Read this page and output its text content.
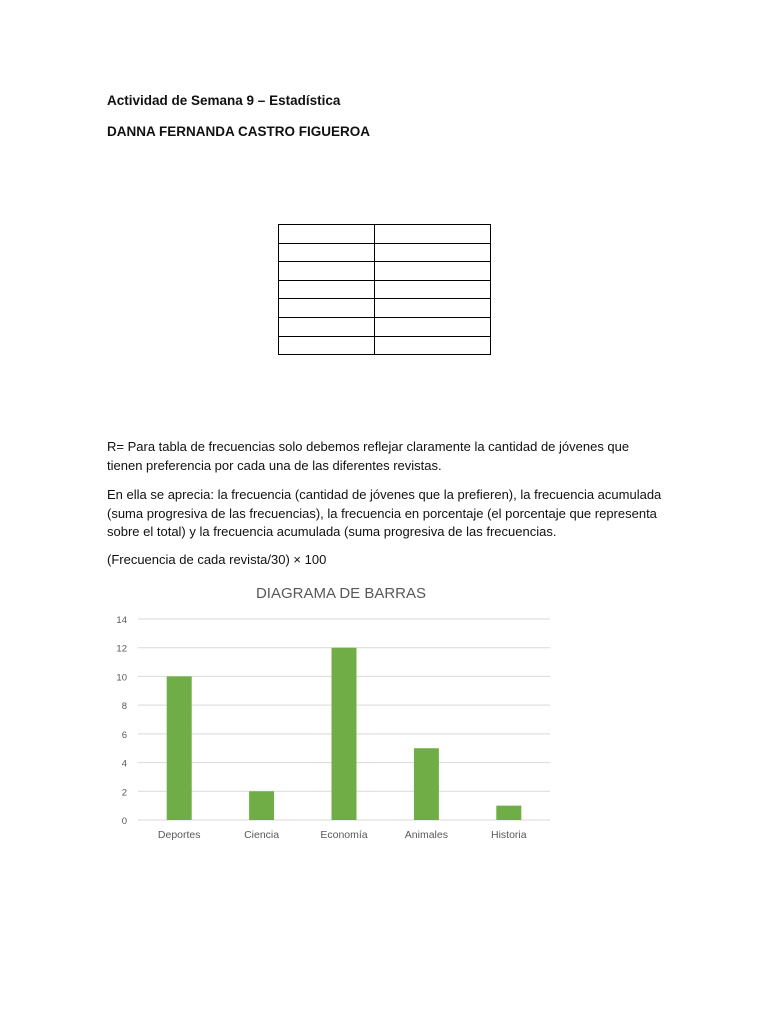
Actividad de Semana 9 – Estadística
DANNA FERNANDA CASTRO FIGUEROA

R= Para tabla de frecuencias solo debemos reflejar claramente la cantidad de jóvenes que tienen preferencia por cada una de las diferentes revistas.

En ella se aprecia: la frecuencia (cantidad de jóvenes que la prefieren), la frecuencia acumulada (suma progresiva de las frecuencias), la frecuencia en porcentaje (el porcentaje que representa sobre el total) y la frecuencia acumulada (suma progresiva de las frecuencias.

(Frecuencia de cada revista/30) × 100

DIAGRAMA DE BARRAS
0
2
4
6
8
10
12
14
Deportes	Ciencia	Economía	Animales	Historia
